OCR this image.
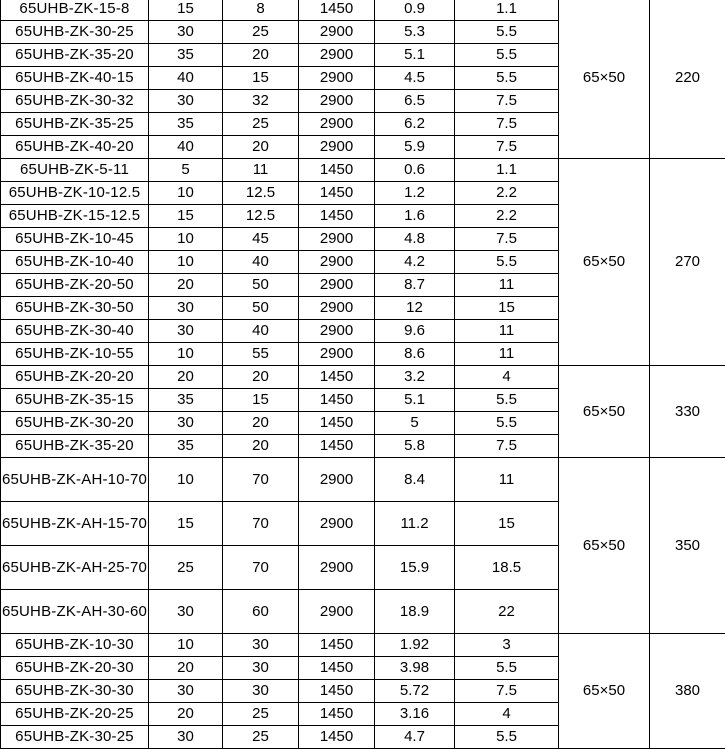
65UHB-ZK-15-8	15	8	1450	0.9	1.1	65×50	220
65UHB-ZK-30-25	30	25	2900	5.3	5.5		
65UHB-ZK-35-20	35	20	2900	5.1	5.5		
65UHB-ZK-40-15	40	15	2900	4.5	5.5		
65UHB-ZK-30-32	30	32	2900	6.5	7.5		
65UHB-ZK-35-25	35	25	2900	6.2	7.5		
65UHB-ZK-40-20	40	20	2900	5.9	7.5		
65UHB-ZK-5-11	5	11	1450	0.6	1.1	65×50	270
65UHB-ZK-10-12.5	10	12.5	1450	1.2	2.2		
65UHB-ZK-15-12.5	15	12.5	1450	1.6	2.2		
65UHB-ZK-10-45	10	45	2900	4.8	7.5		
65UHB-ZK-10-40	10	40	2900	4.2	5.5		
65UHB-ZK-20-50	20	50	2900	8.7	11		
65UHB-ZK-30-50	30	50	2900	12	15		
65UHB-ZK-30-40	30	40	2900	9.6	11		
65UHB-ZK-10-55	10	55	2900	8.6	11		
65UHB-ZK-20-20	20	20	1450	3.2	4	65×50	330
65UHB-ZK-35-15	35	15	1450	5.1	5.5		
65UHB-ZK-30-20	30	20	1450	5	5.5		
65UHB-ZK-35-20	35	20	1450	5.8	7.5		
65UHB-ZK-AH-10-70	10	70	2900	8.4	11	65×50	350
65UHB-ZK-AH-15-70	15	70	2900	11.2	15		
65UHB-ZK-AH-25-70	25	70	2900	15.9	18.5		
65UHB-ZK-AH-30-60	30	60	2900	18.9	22		
65UHB-ZK-10-30	10	30	1450	1.92	3	65×50	380
65UHB-ZK-20-30	20	30	1450	3.98	5.5		
65UHB-ZK-30-30	30	30	1450	5.72	7.5		
65UHB-ZK-20-25	20	25	1450	3.16	4		
65UHB-ZK-30-25	30	25	1450	4.7	5.5		
